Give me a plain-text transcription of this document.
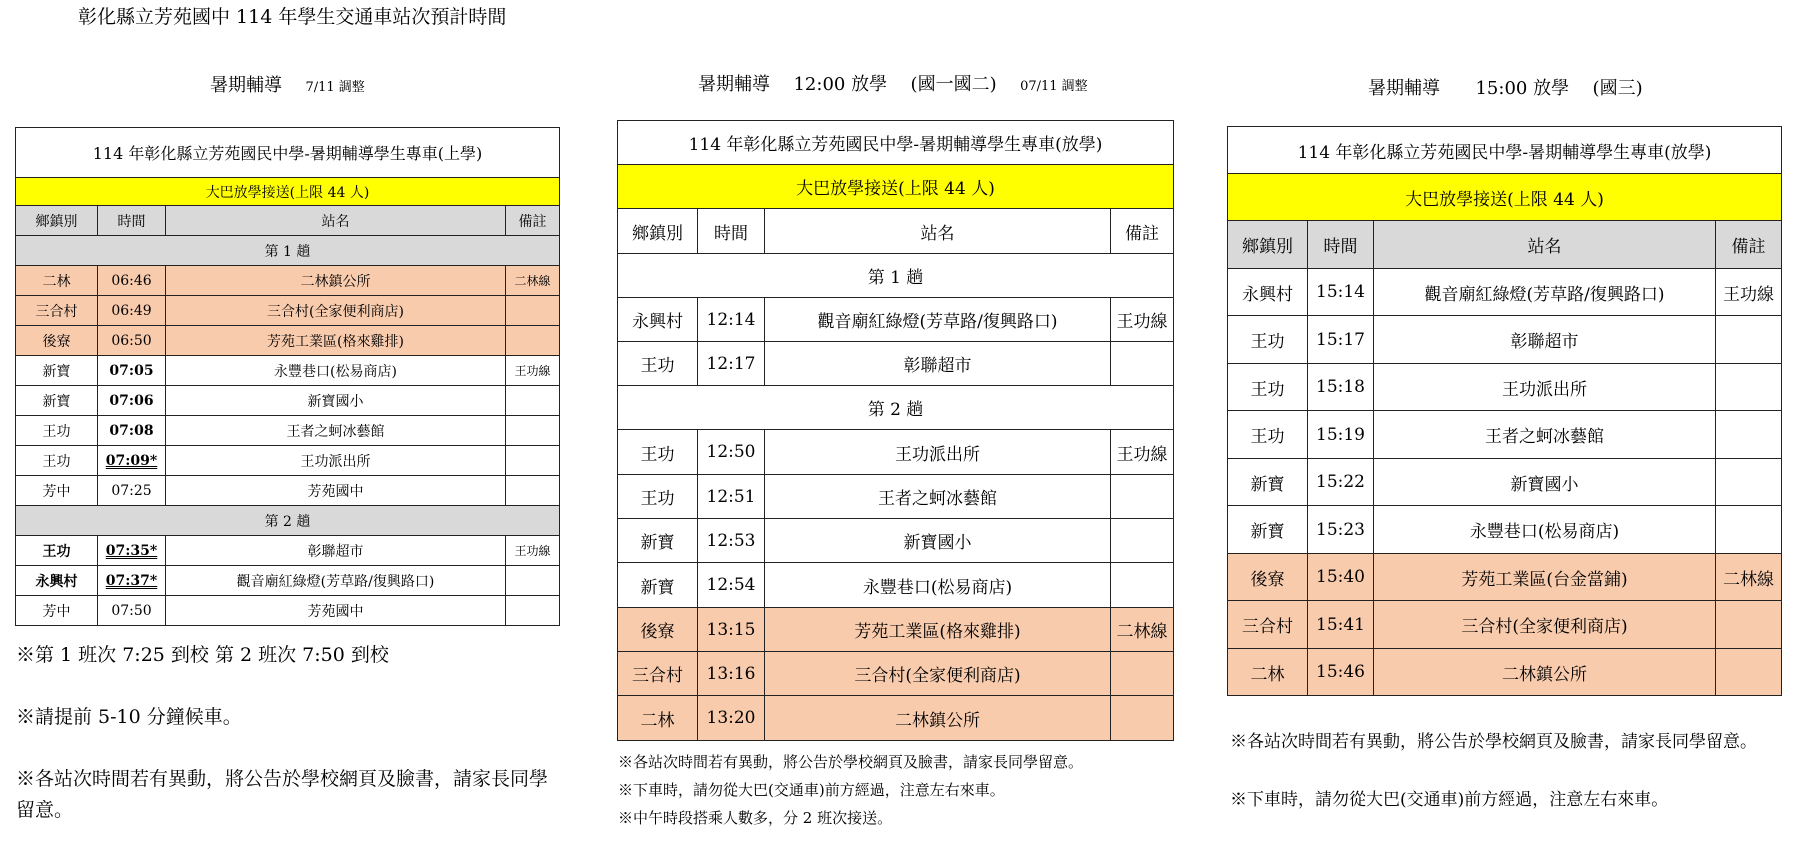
彰化縣立芳苑國中 114 年學生交通車站次預計時間
暑期輔導 7/11 調整	暑期輔導 12:00 放學 (國一國二) 07/11 調整	暑期輔導 15:00 放學 (國三)
114 年彰化縣立芳苑國民中學-暑期輔導學生專車(上學)			
大巴放學接送(上限 44 人)			
鄉鎮別	時間	站名	備註
第 1 趟			
二林	06:46	二林鎮公所	二林線
三合村	06:49	三合村(全家便利商店)	
後寮	06:50	芳苑工業區(格來雞排)	
新寶	07:05	永豐巷口(松易商店)	王功線
新寶	07:06	新寶國小	
王功	07:08	王者之蚵冰藝館	
王功	07:09*	王功派出所	
芳中	07:25	芳苑國中	
第 2 趟			
王功	07:35*	彰聯超市	王功線
永興村	07:37*	觀音廟紅綠燈(芳草路/復興路口)	
芳中	07:50	芳苑國中	

※第 1 班次 7:25 到校 第 2 班次 7:50 到校

※請提前 5-10 分鐘候車。

※各站次時間若有異動，將公告於學校網頁及臉書，請家長同學留意。

114 年彰化縣立芳苑國民中學-暑期輔導學生專車(放學)			
大巴放學接送(上限 44 人)			
鄉鎮別	時間	站名	備註
第 1 趟			
永興村	12:14	觀音廟紅綠燈(芳草路/復興路口)	王功線
王功	12:17	彰聯超市	
第 2 趟			
王功	12:50	王功派出所	王功線
王功	12:51	王者之蚵冰藝館	
新寶	12:53	新寶國小	
新寶	12:54	永豐巷口(松易商店)	
後寮	13:15	芳苑工業區(格來雞排)	二林線
三合村	13:16	三合村(全家便利商店)	
二林	13:20	二林鎮公所	

※各站次時間若有異動，將公告於學校網頁及臉書，請家長同學留意。

※下車時，請勿從大巴(交通車)前方經過，注意左右來車。

※中午時段搭乘人數多，分 2 班次接送。

114 年彰化縣立芳苑國民中學-暑期輔導學生專車(放學)			
大巴放學接送(上限 44 人)			
鄉鎮別	時間	站名	備註
永興村	15:14	觀音廟紅綠燈(芳草路/復興路口)	王功線
王功	15:17	彰聯超市	
王功	15:18	王功派出所	
王功	15:19	王者之蚵冰藝館	
新寶	15:22	新寶國小	
新寶	15:23	永豐巷口(松易商店)	
後寮	15:40	芳苑工業區(台金當鋪)	二林線
三合村	15:41	三合村(全家便利商店)	
二林	15:46	二林鎮公所	

※各站次時間若有異動，將公告於學校網頁及臉書，請家長同學留意。

※下車時，請勿從大巴(交通車)前方經過，注意左右來車。
